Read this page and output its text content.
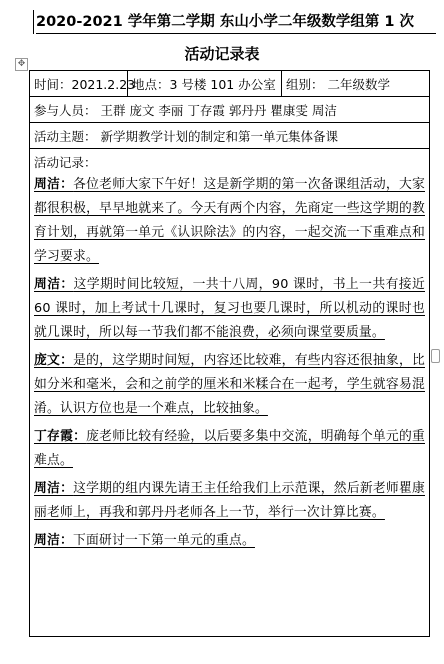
2020-2021 学年第二学期 东山小学二年级数学组第 1 次
活动记录表
✥
时间：2021.2.23	地点：3 号楼 101 办公室	组别： 二年级数学
参与人员： 王群 庞文 李丽 丁存霞 郭丹丹 瞿康雯 周洁
活动主题： 新学期教学计划的制定和第一单元集体备课

活动记录：
周洁：各位老师大家下午好！这是新学期的第一次备课组活动，大家都很积极，早早地就来了。今天有两个内容，先商定一些这学期的教育计划，再就第一单元《认识除法》的内容，一起交流一下重难点和学习要求。
周洁：这学期时间比较短，一共十八周，90 课时，书上一共有接近 60 课时，加上考试十几课时，复习也要几课时，所以机动的课时也就几课时，所以每一节我们都不能浪费，必须向课堂要质量。
庞文：是的，这学期时间短，内容还比较难，有些内容还很抽象，比如分米和毫米，会和之前学的厘米和米糅合在一起考，学生就容易混淆。认识方位也是一个难点，比较抽象。
丁存霞：庞老师比较有经验，以后要多集中交流，明确每个单元的重难点。
周洁：这学期的组内课先请王主任给我们上示范课，然后新老师瞿康丽老师上，再我和郭丹丹老师各上一节，举行一次计算比赛。
周洁：下面研讨一下第一单元的重点。
